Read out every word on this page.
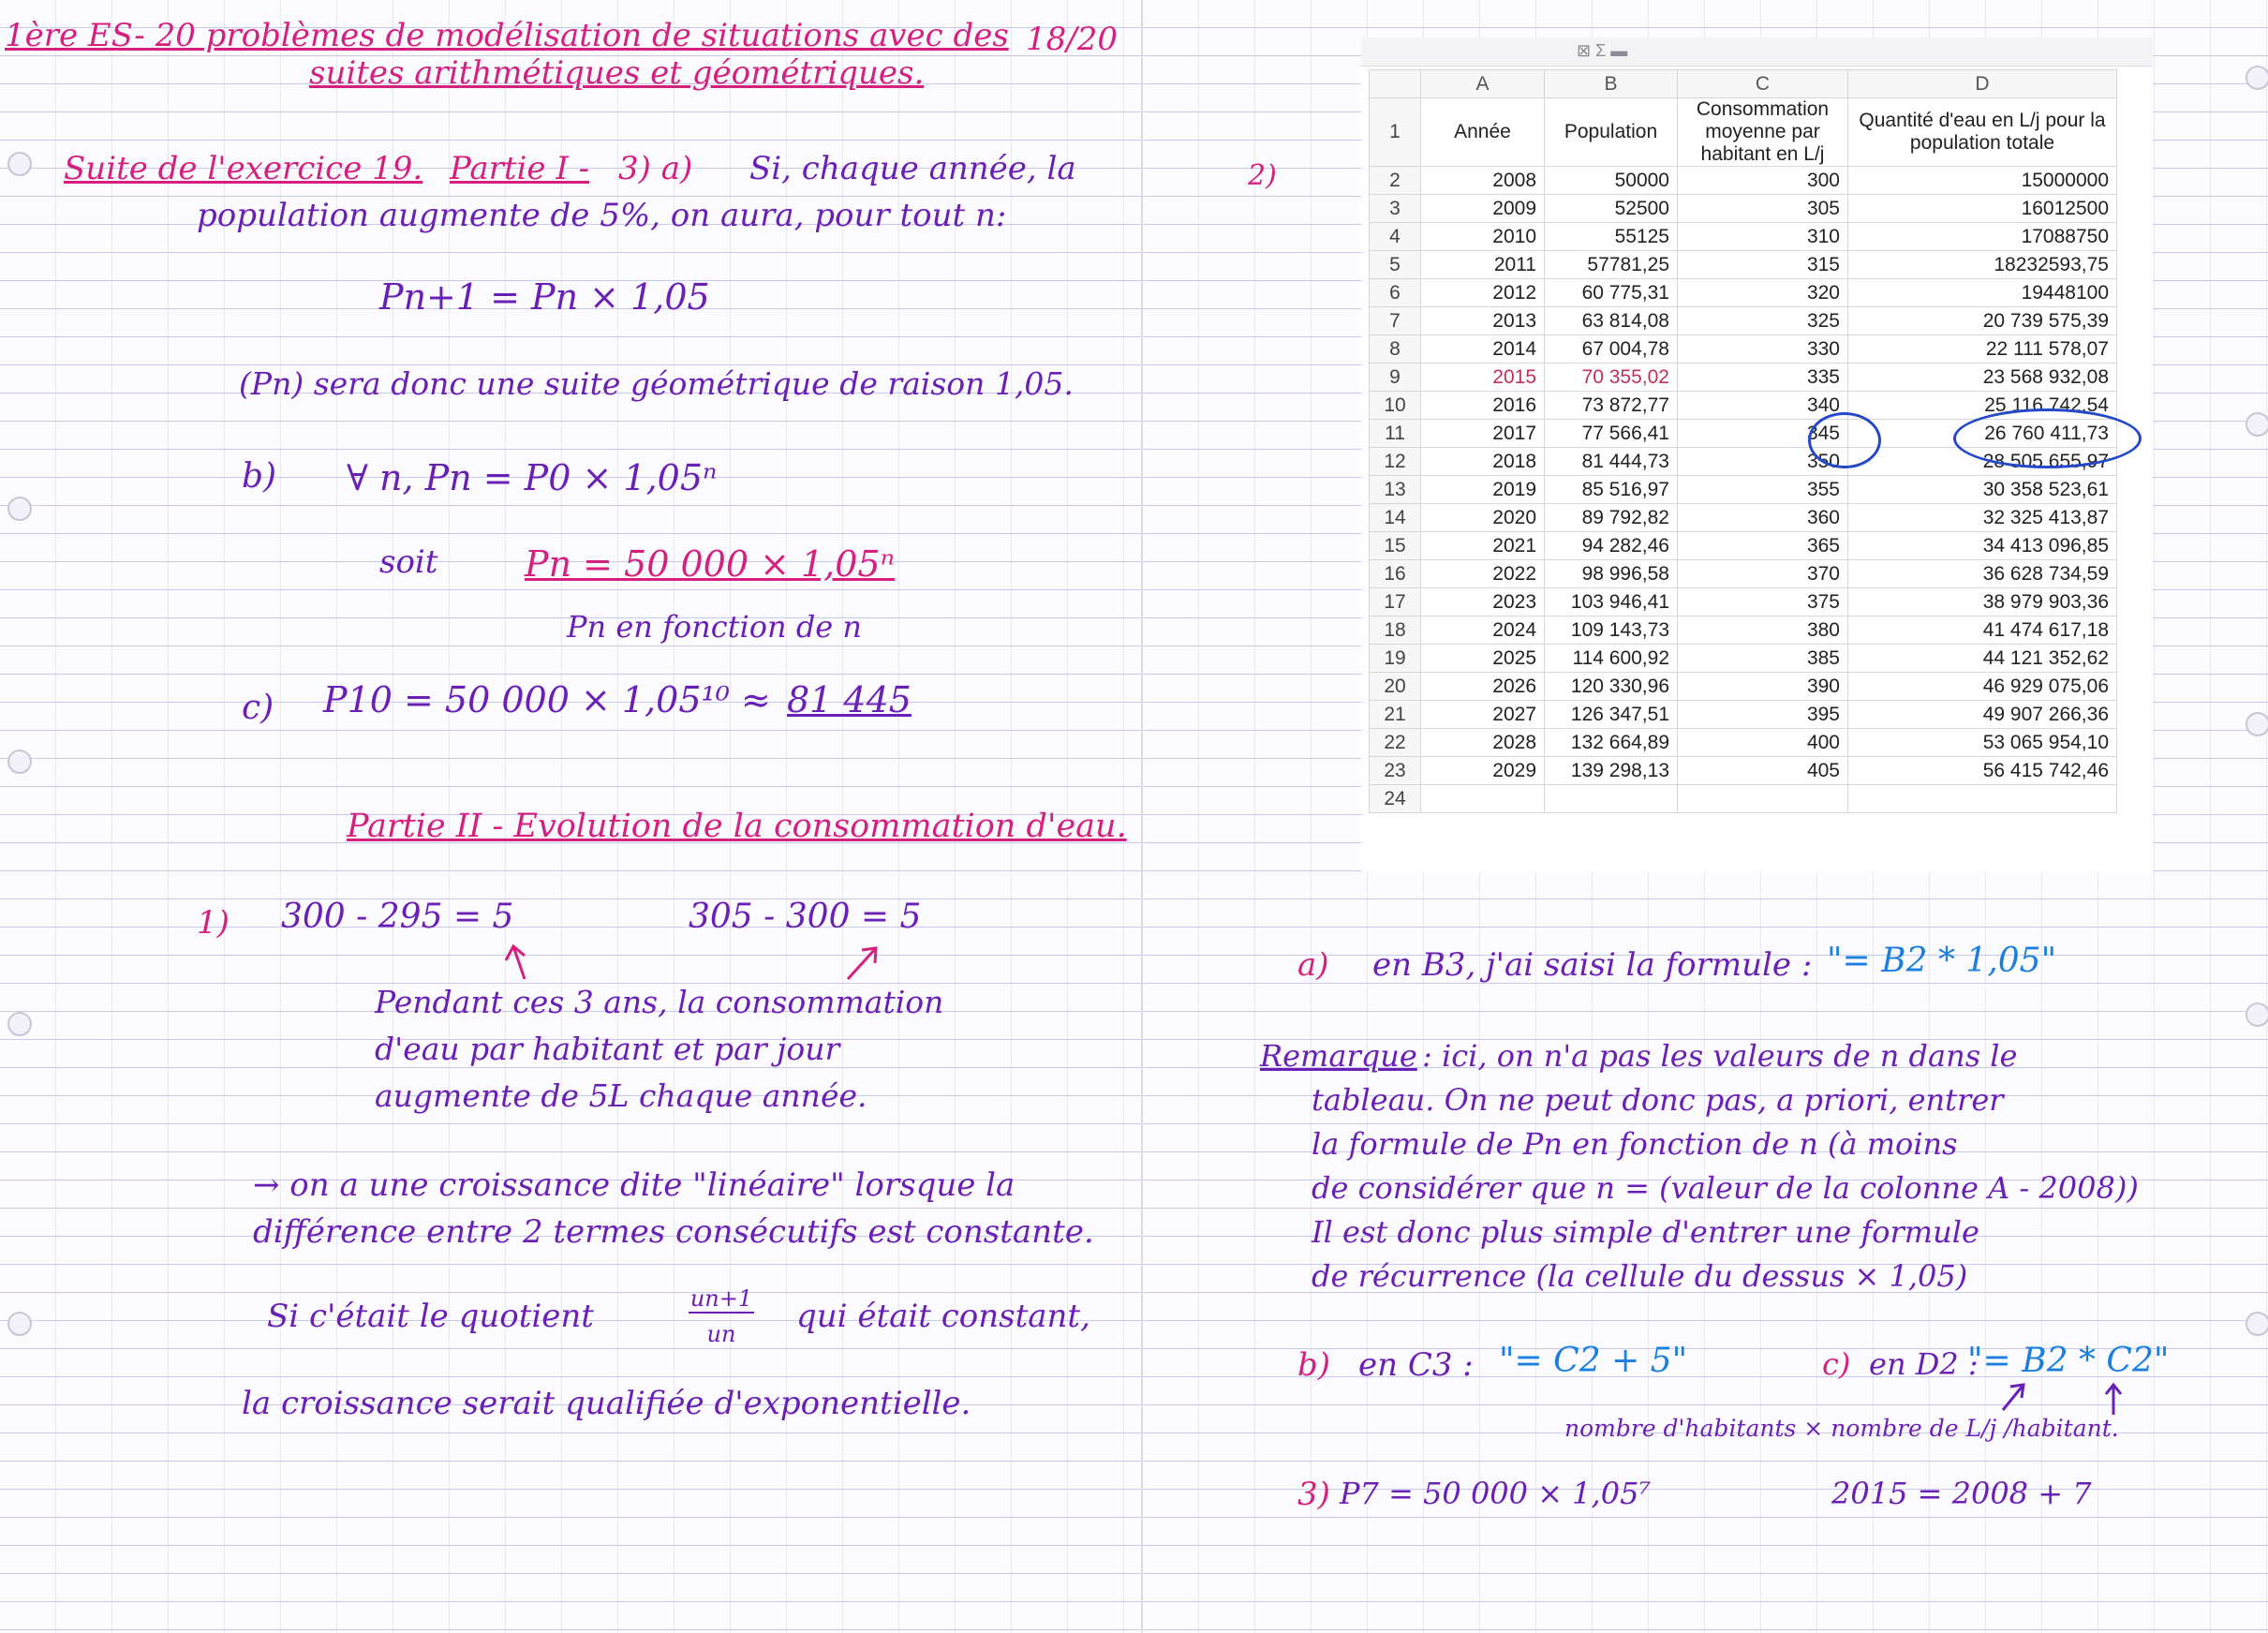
1ère ES- 20 problèmes de modélisation de situations avec des 18/20
suites arithmétiques et géométriques.
Suite de l'exercice 19. Partie I - 3) a) Si, chaque année, la
population augmente de 5%, on aura, pour tout n:
Pn+1 = Pn × 1,05
(Pn) sera donc une suite géométrique de raison 1,05.
b) ∀ n, Pn = P0 × 1,05ⁿ
soit Pn = 50 000 × 1,05ⁿ
Pn en fonction de n
c) P10 = 50 000 × 1,05¹⁰ ≈ 81 445
Partie II - Evolution de la consommation d'eau.
1) 300 - 295 = 5	305 - 300 = 5
Pendant ces 3 ans, la consommation
d'eau par habitant et par jour
augmente de 5L chaque année.
→ on a une croissance dite "linéaire" lorsque la
différence entre 2 termes consécutifs est constante.
Si c'était le quotient	un+1
un	qui était constant,
la croissance serait qualifiée d'exponentielle.
2)
⊠ Σ ▬
	A	B	C	D
1	Année	Population	Consommation moyenne par habitant en L/j	Quantité d'eau en L/j pour la population totale
2	2008	50000	300	15000000
3	2009	52500	305	16012500
4	2010	55125	310	17088750
5	2011	57781,25	315	18232593,75
6	2012	60 775,31	320	19448100
7	2013	63 814,08	325	20 739 575,39
8	2014	67 004,78	330	22 111 578,07
9	2015	70 355,02	335	23 568 932,08
10	2016	73 872,77	340	25 116 742,54
11	2017	77 566,41	345	26 760 411,73
12	2018	81 444,73	350	28 505 655,97
13	2019	85 516,97	355	30 358 523,61
14	2020	89 792,82	360	32 325 413,87
15	2021	94 282,46	365	34 413 096,85
16	2022	98 996,58	370	36 628 734,59
17	2023	103 946,41	375	38 979 903,36
18	2024	109 143,73	380	41 474 617,18
19	2025	114 600,92	385	44 121 352,62
20	2026	120 330,96	390	46 929 075,06
21	2027	126 347,51	395	49 907 266,36
22	2028	132 664,89	400	53 065 954,10
23	2029	139 298,13	405	56 415 742,46
24				
a) en B3, j'ai saisi la formule : "= B2 * 1,05"
Remarque : ici, on n'a pas les valeurs de n dans le
tableau. On ne peut donc pas, a priori, entrer
la formule de Pn en fonction de n (à moins
de considérer que n = (valeur de la colonne A - 2008))
Il est donc plus simple d'entrer une formule
de récurrence (la cellule du dessus × 1,05)
b) en C3 : "= C2 + 5"	c) en D2 :
"= B2 * C2"
nombre d'habitants × nombre de L/j /habitant.
3) P7 = 50 000 × 1,05⁷	2015 = 2008 + 7
